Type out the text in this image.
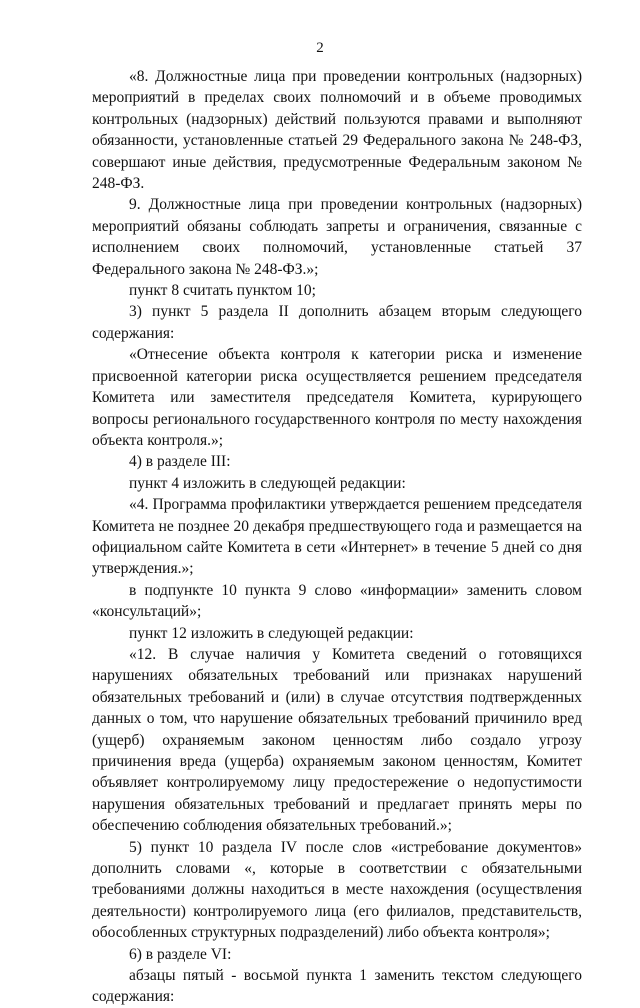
2

«8. Должностные лица при проведении контрольных (надзорных) мероприятий в пределах своих полномочий и в объеме проводимых контрольных (надзорных) действий пользуются правами и выполняют обязанности, установленные статьей 29 Федерального закона № 248-ФЗ, совершают иные действия, предусмотренные Федеральным законом № 248-ФЗ.

9. Должностные лица при проведении контрольных (надзорных) мероприятий обязаны соблюдать запреты и ограничения, связанные с исполнением своих полномочий, установленные статьей 37 Федерального закона № 248-ФЗ.»;

пункт 8 считать пунктом 10;

3) пункт 5 раздела II дополнить абзацем вторым следующего содержания:

«Отнесение объекта контроля к категории риска и изменение присвоенной категории риска осуществляется решением председателя Комитета или заместителя председателя Комитета, курирующего вопросы регионального государственного контроля по месту нахождения объекта контроля.»;

4) в разделе III:

пункт 4 изложить в следующей редакции:

«4. Программа профилактики утверждается решением председателя Комитета не позднее 20 декабря предшествующего года и размещается на официальном сайте Комитета в сети «Интернет» в течение 5 дней со дня утверждения.»;

в подпункте 10 пункта 9 слово «информации» заменить словом «консультаций»;

пункт 12 изложить в следующей редакции:

«12. В случае наличия у Комитета сведений о готовящихся нарушениях обязательных требований или признаках нарушений обязательных требований и (или) в случае отсутствия подтвержденных данных о том, что нарушение обязательных требований причинило вред (ущерб) охраняемым законом ценностям либо создало угрозу причинения вреда (ущерба) охраняемым законом ценностям, Комитет объявляет контролируемому лицу предостережение о недопустимости нарушения обязательных требований и предлагает принять меры по обеспечению соблюдения обязательных требований.»;

5) пункт 10 раздела IV после слов «истребование документов» дополнить словами «, которые в соответствии с обязательными требованиями должны находиться в месте нахождения (осуществления деятельности) контролируемого лица (его филиалов, представительств, обособленных структурных подразделений) либо объекта контроля»;

6) в разделе VI:

абзацы пятый - восьмой пункта 1 заменить текстом следующего содержания:
